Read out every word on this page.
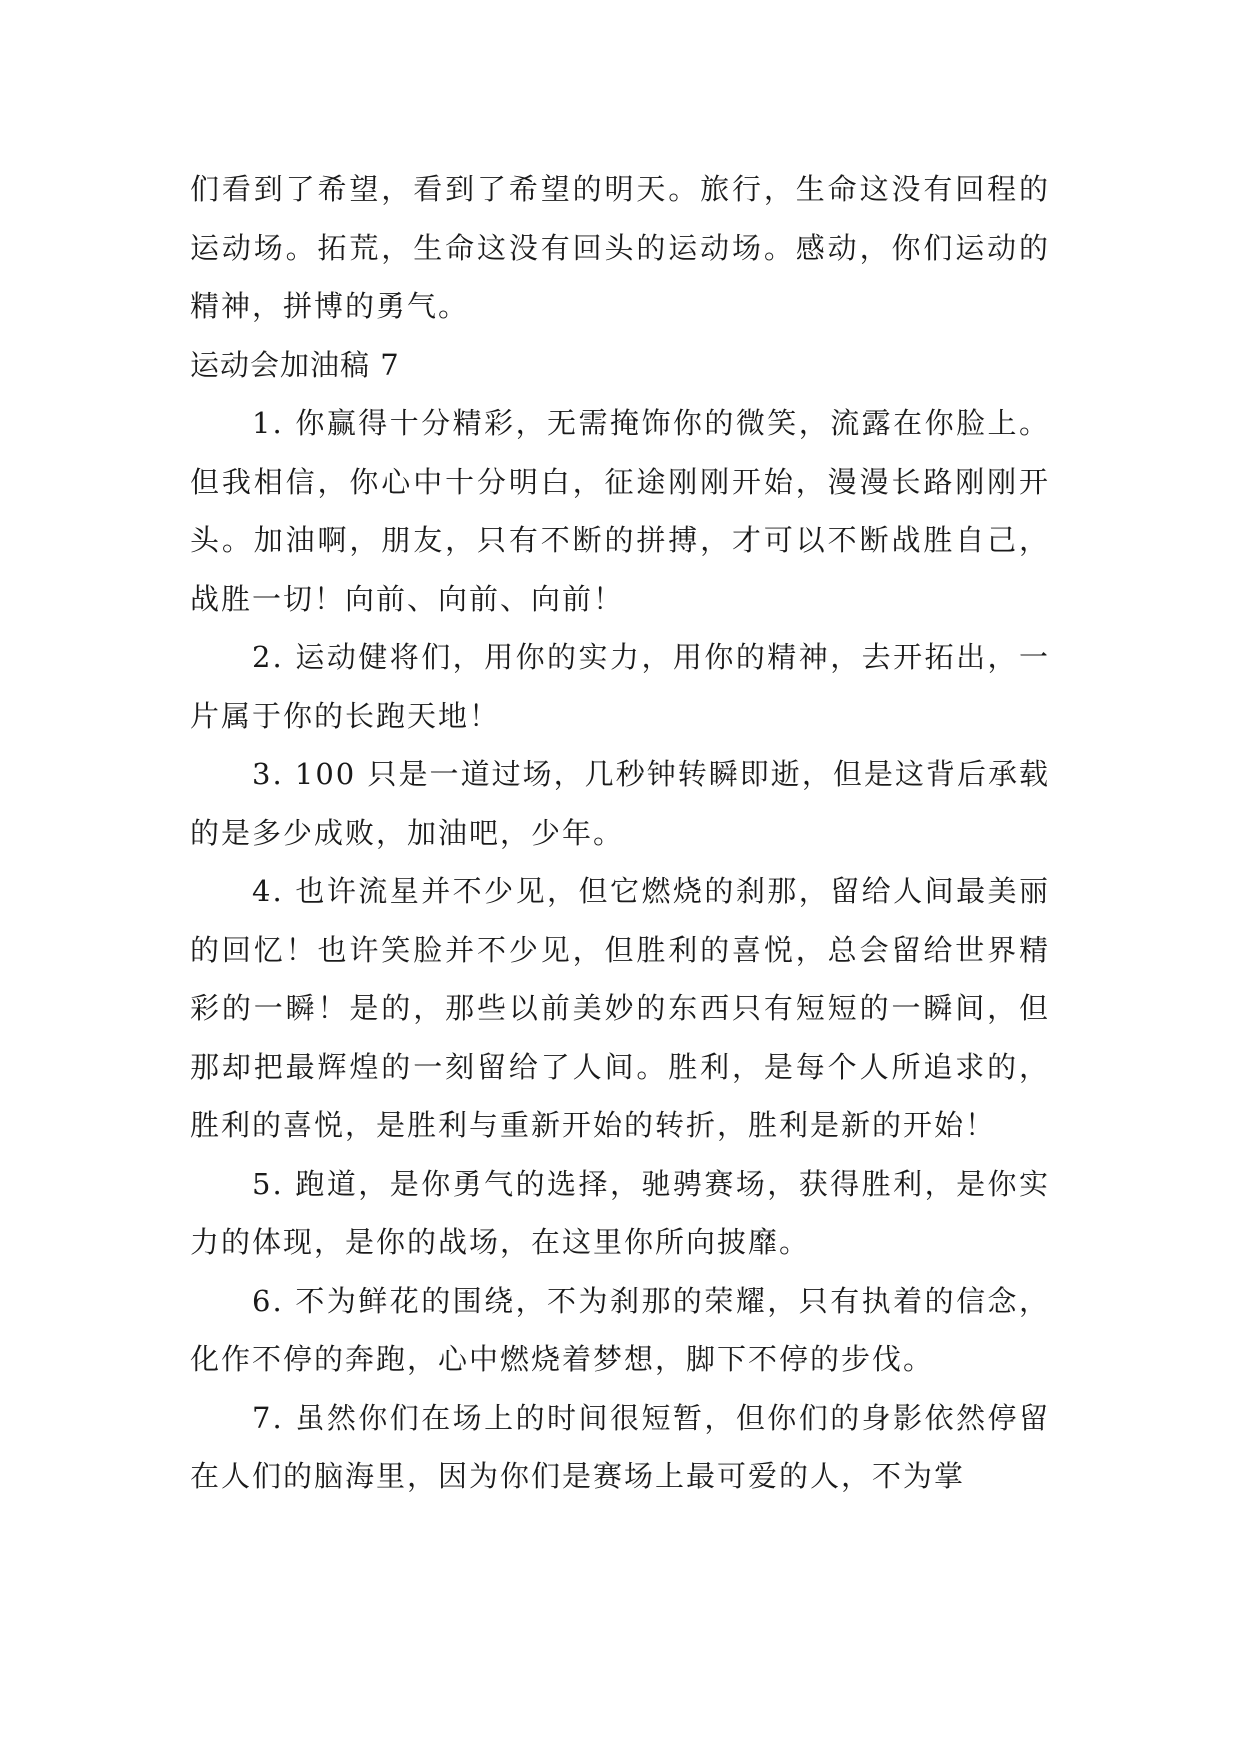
们看到了希望，看到了希望的明天。旅行，生命这没有回程的运动场。拓荒，生命这没有回头的运动场。感动，你们运动的精神，拼博的勇气。

运动会加油稿 7

1. 你赢得十分精彩，无需掩饰你的微笑，流露在你脸上。但我相信，你心中十分明白，征途刚刚开始，漫漫长路刚刚开头。加油啊，朋友，只有不断的拼搏，才可以不断战胜自己，战胜一切！向前、向前、向前！

2. 运动健将们，用你的实力，用你的精神，去开拓出，一片属于你的长跑天地！

3. 100 只是一道过场，几秒钟转瞬即逝，但是这背后承载的是多少成败，加油吧，少年。

4. 也许流星并不少见，但它燃烧的刹那，留给人间最美丽的回忆！也许笑脸并不少见，但胜利的喜悦，总会留给世界精彩的一瞬！是的，那些以前美妙的东西只有短短的一瞬间，但那却把最辉煌的一刻留给了人间。胜利，是每个人所追求的，胜利的喜悦，是胜利与重新开始的转折，胜利是新的开始！

5. 跑道，是你勇气的选择，驰骋赛场，获得胜利，是你实力的体现，是你的战场，在这里你所向披靡。

6. 不为鲜花的围绕，不为刹那的荣耀，只有执着的信念，化作不停的奔跑，心中燃烧着梦想，脚下不停的步伐。

7. 虽然你们在场上的时间很短暂，但你们的身影依然停留在人们的脑海里，因为你们是赛场上最可爱的人，不为掌
